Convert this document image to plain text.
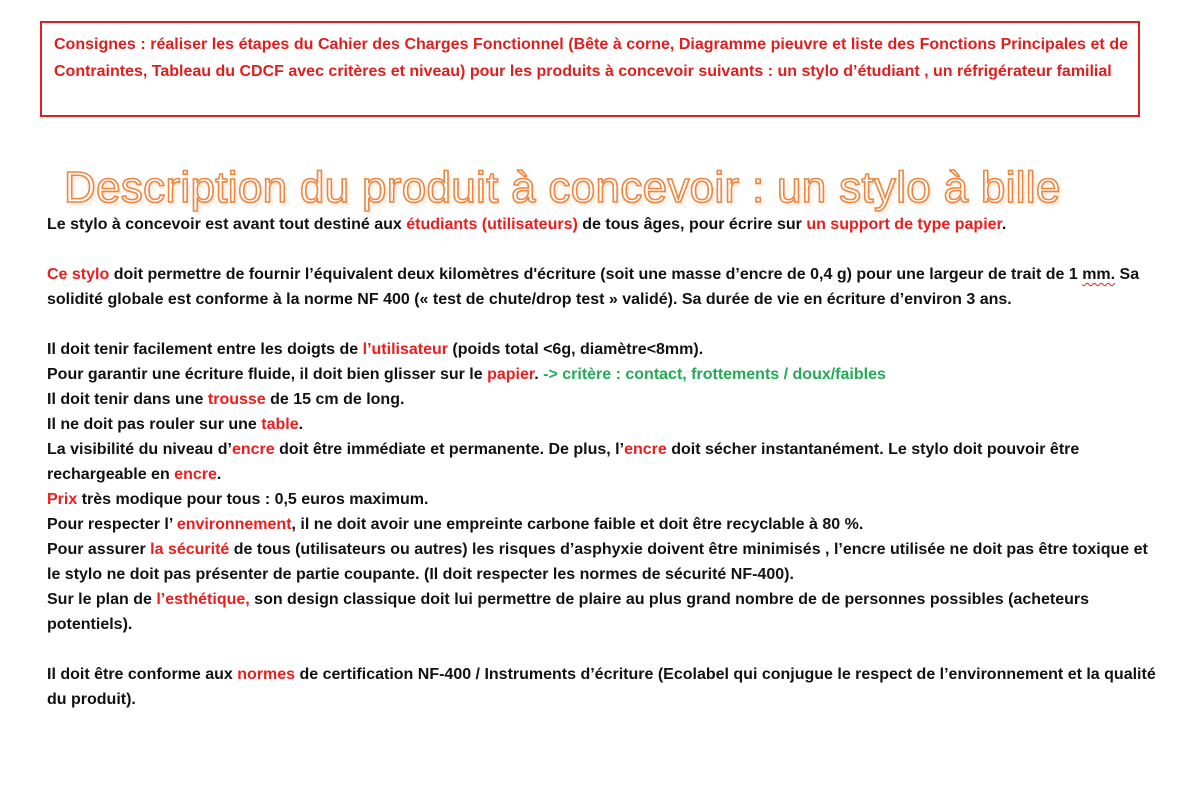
Consignes : réaliser les étapes du Cahier des Charges Fonctionnel (Bête à corne, Diagramme pieuvre et liste des Fonctions Principales et de Contraintes, Tableau du CDCF avec critères et niveau) pour les produits à concevoir suivants : un stylo d’étudiant , un réfrigérateur familial
Description du produit à concevoir : un stylo à bille

Le stylo à concevoir est avant tout destiné aux étudiants (utilisateurs) de tous âges, pour écrire sur un support de type papier.

Ce stylo doit permettre de fournir l’équivalent deux kilomètres d'écriture (soit une masse d’encre de 0,4 g) pour une largeur de trait de 1 mm. Sa solidité globale est conforme à la norme NF 400 (« test de chute/drop test » validé). Sa durée de vie en écriture d’environ 3 ans.

Il doit tenir facilement entre les doigts de l’utilisateur (poids total <6g, diamètre<8mm).

Pour garantir une écriture fluide, il doit bien glisser sur le papier. -> critère : contact, frottements / doux/faibles

Il doit tenir dans une trousse de 15 cm de long.

Il ne doit pas rouler sur une table.

La visibilité du niveau d’encre doit être immédiate et permanente. De plus, l’encre doit sécher instantanément. Le stylo doit pouvoir être rechargeable en encre.

Prix très modique pour tous : 0,5 euros maximum.

Pour respecter l’ environnement, il ne doit avoir une empreinte carbone faible et doit être recyclable à 80 %.

Pour assurer la sécurité de tous (utilisateurs ou autres) les risques d’asphyxie doivent être minimisés , l’encre utilisée ne doit pas être toxique et le stylo ne doit pas présenter de partie coupante. (Il doit respecter les normes de sécurité NF-400).

Sur le plan de l’esthétique, son design classique doit lui permettre de plaire au plus grand nombre de de personnes possibles (acheteurs potentiels).

Il doit être conforme aux normes de certification NF-400 / Instruments d’écriture (Ecolabel qui conjugue le respect de l’environnement et la qualité du produit).
